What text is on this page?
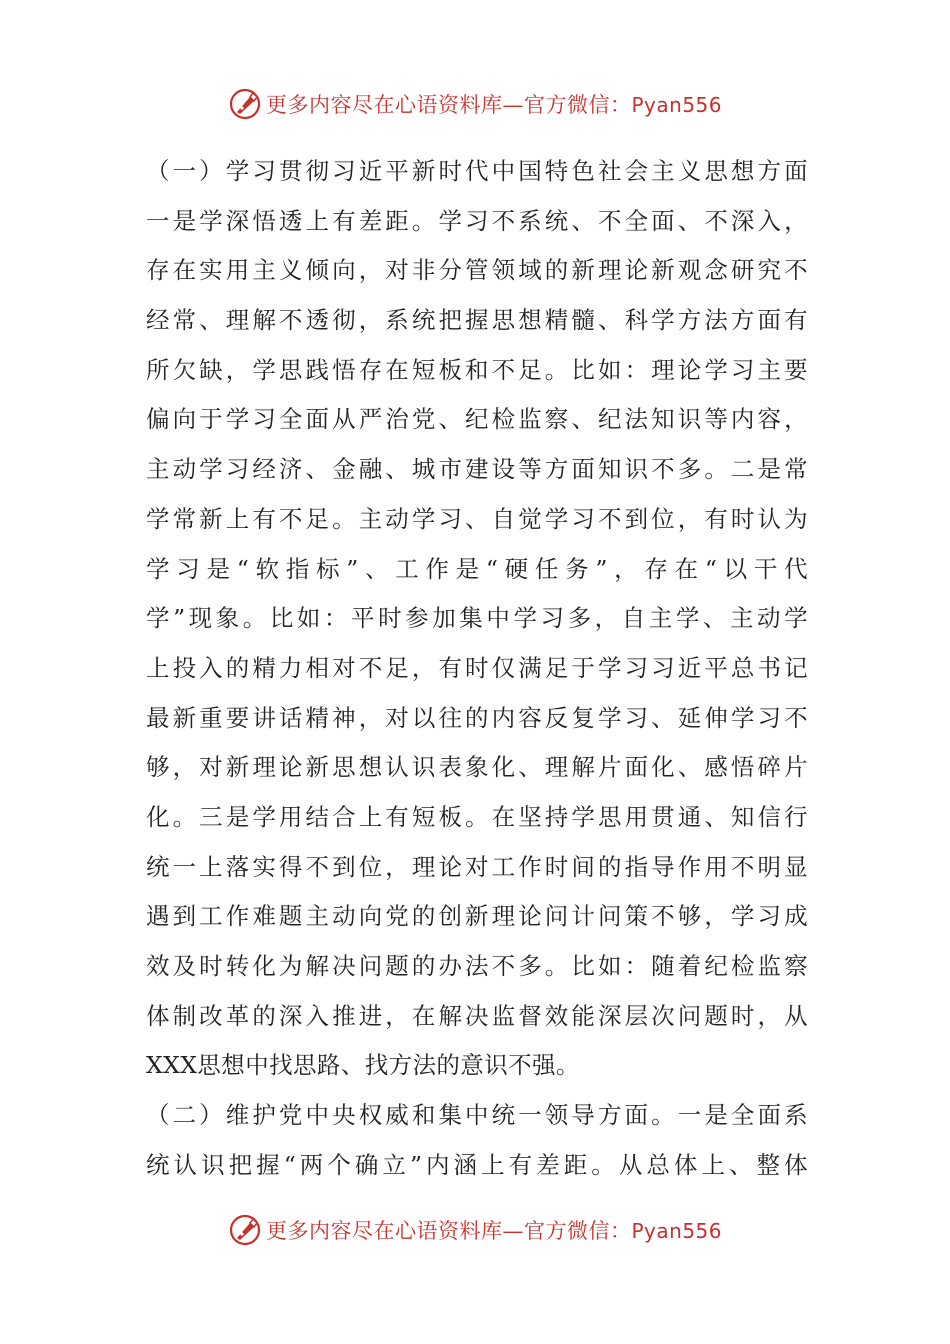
更多内容尽在心语资料库—官方微信：Pyan556
（一）学习贯彻习近平新时代中国特色社会主义思想方面
一是学深悟透上有差距。学习不系统、不全面、不深入，
存在实用主义倾向，对非分管领域的新理论新观念研究不
经常、理解不透彻，系统把握思想精髓、科学方法方面有
所欠缺，学思践悟存在短板和不足。比如：理论学习主要
偏向于学习全面从严治党、纪检监察、纪法知识等内容，
主动学习经济、金融、城市建设等方面知识不多。二是常
学常新上有不足。主动学习、自觉学习不到位，有时认为
学习是“软指标”、工作是“硬任务”，存在“以干代
学”现象。比如：平时参加集中学习多，自主学、主动学
上投入的精力相对不足，有时仅满足于学习习近平总书记
最新重要讲话精神，对以往的内容反复学习、延伸学习不
够，对新理论新思想认识表象化、理解片面化、感悟碎片
化。三是学用结合上有短板。在坚持学思用贯通、知信行
统一上落实得不到位，理论对工作时间的指导作用不明显
遇到工作难题主动向党的创新理论问计问策不够，学习成
效及时转化为解决问题的办法不多。比如：随着纪检监察
体制改革的深入推进，在解决监督效能深层次问题时，从
XXX思想中找思路、找方法的意识不强。
（二）维护党中央权威和集中统一领导方面。一是全面系
统认识把握“两个确立”内涵上有差距。从总体上、整体
更多内容尽在心语资料库—官方微信：Pyan556
